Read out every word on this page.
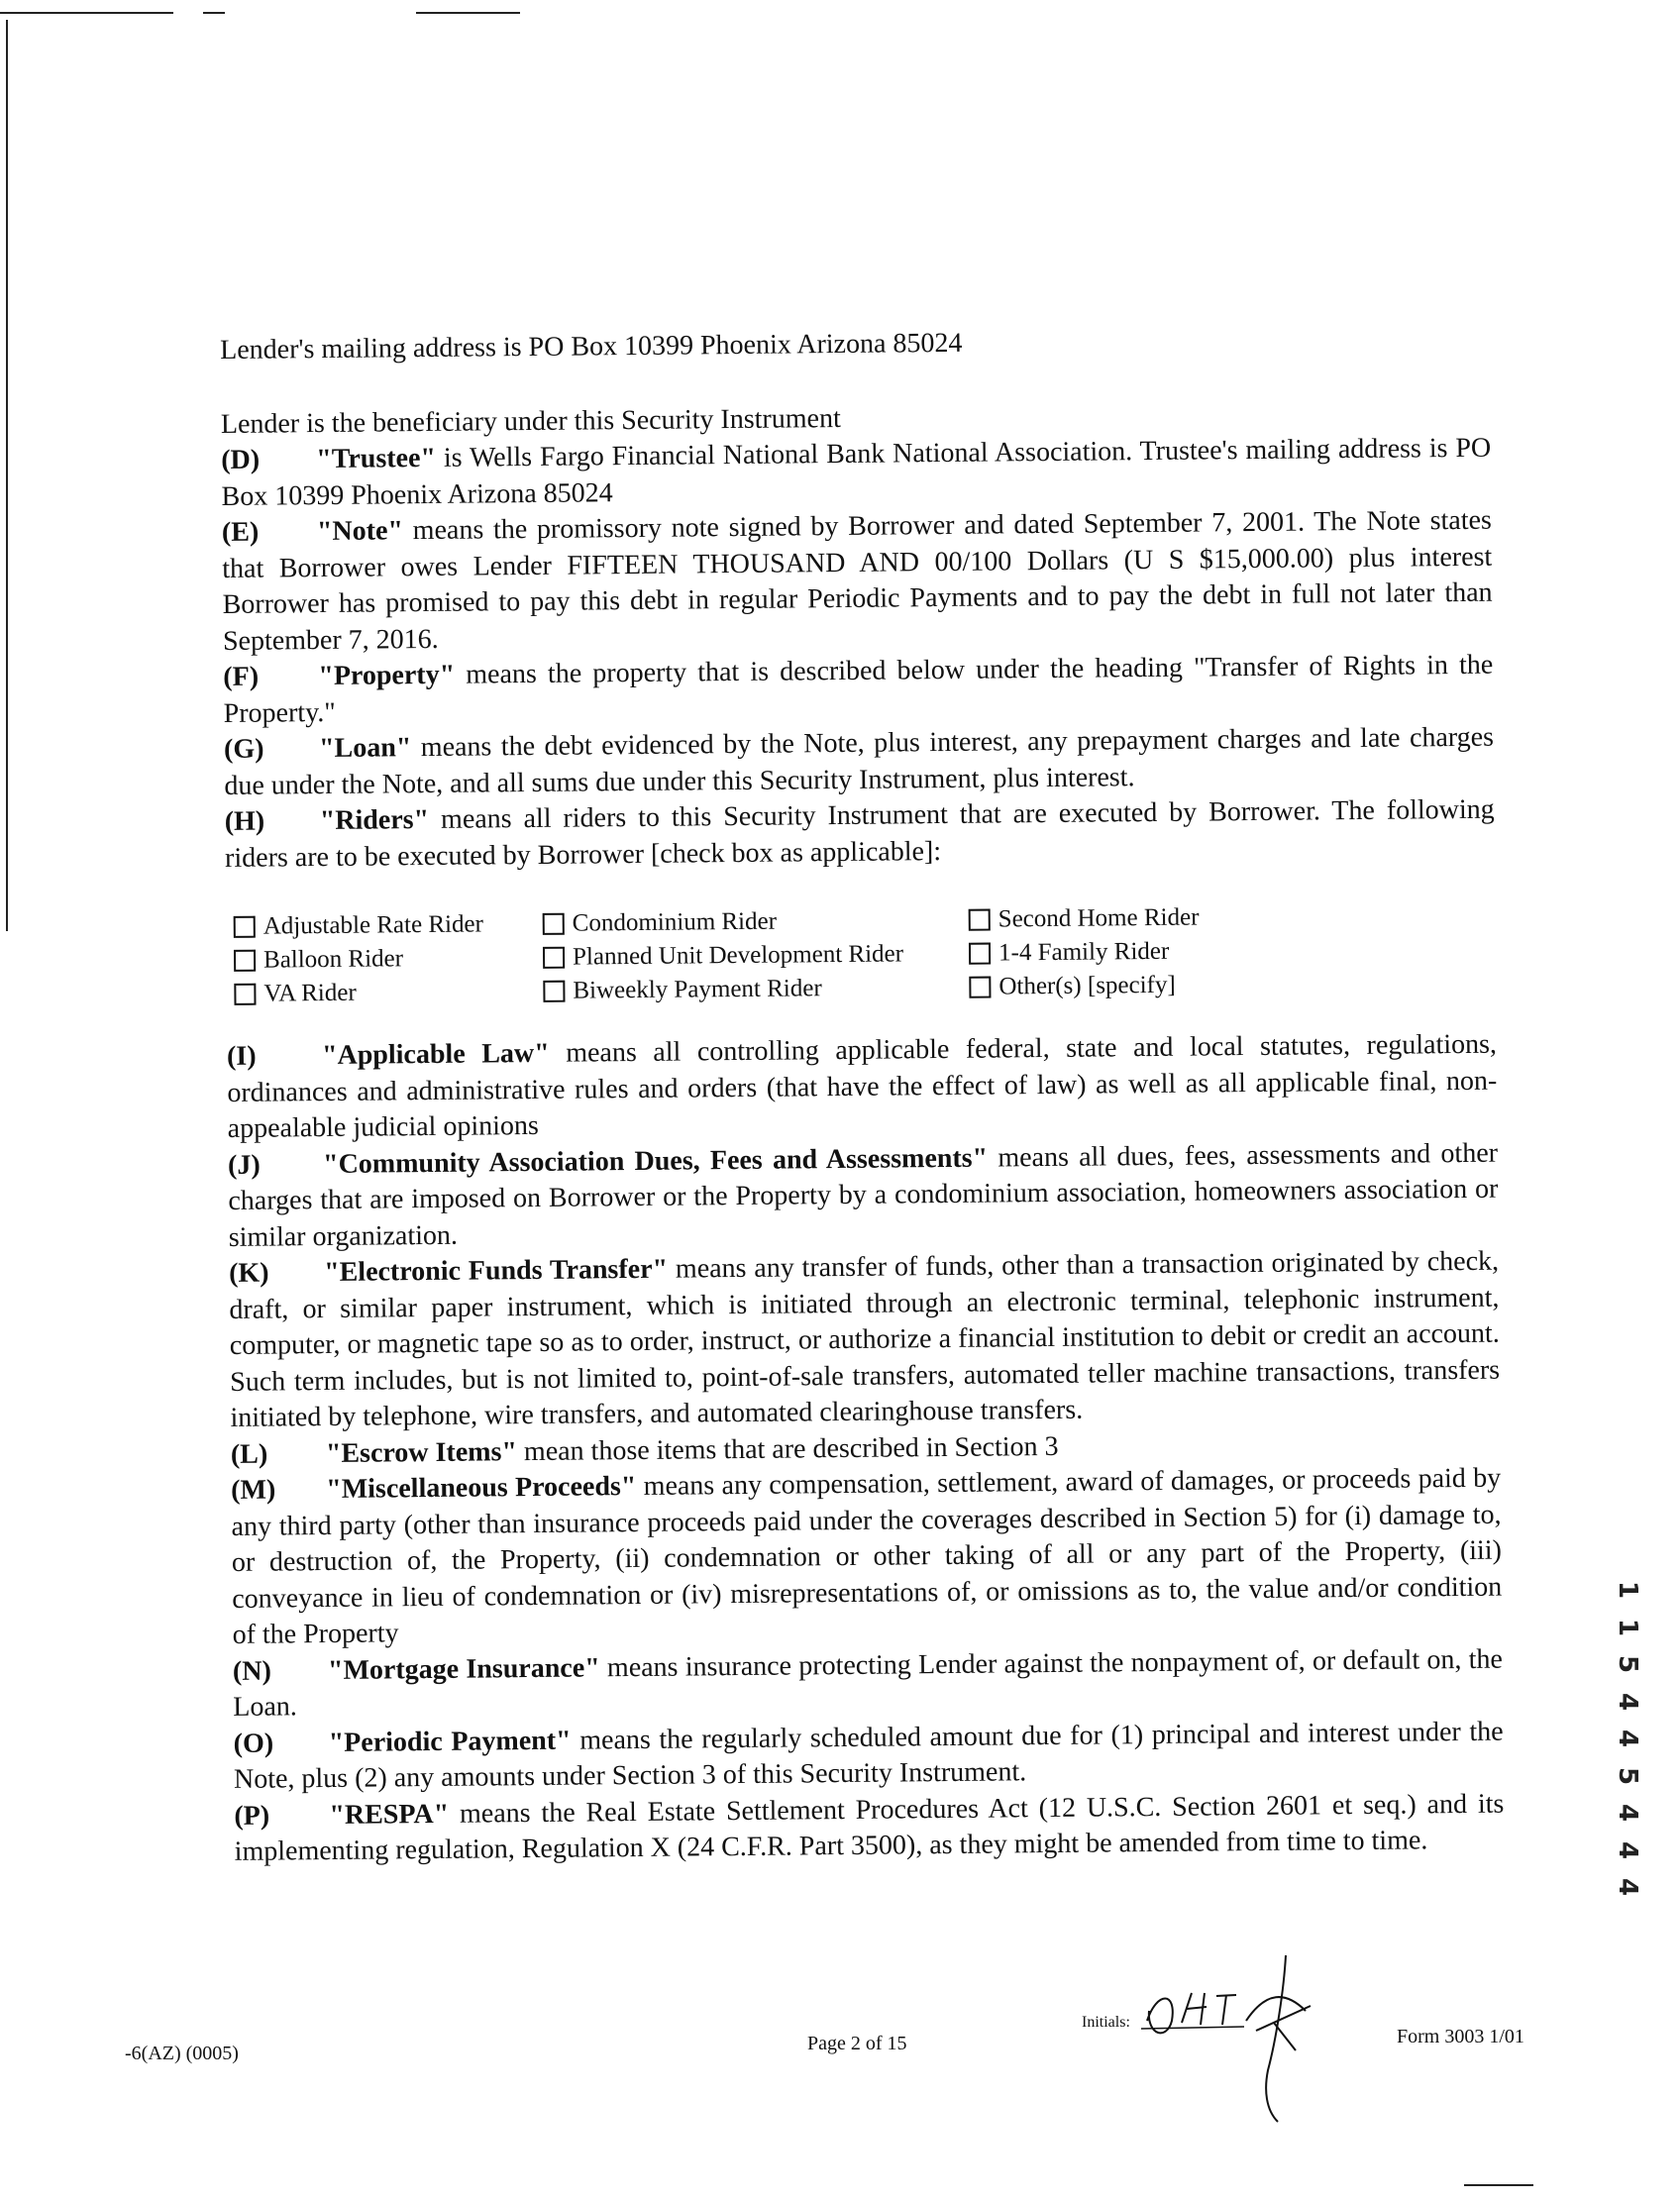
Lender's mailing address is PO Box 10399 Phoenix Arizona 85024

Lender is the beneficiary under this Security Instrument

(D) "Trustee" is Wells Fargo Financial National Bank National Association. Trustee's mailing address is PO Box 10399 Phoenix Arizona 85024

(E) "Note" means the promissory note signed by Borrower and dated September 7, 2001. The Note states that Borrower owes Lender FIFTEEN THOUSAND AND 00/100 Dollars (U S $15,000.00) plus interest Borrower has promised to pay this debt in regular Periodic Payments and to pay the debt in full not later than September 7, 2016.

(F) "Property" means the property that is described below under the heading "Transfer of Rights in the Property."

(G) "Loan" means the debt evidenced by the Note, plus interest, any prepayment charges and late charges due under the Note, and all sums due under this Security Instrument, plus interest.

(H) "Riders" means all riders to this Security Instrument that are executed by Borrower. The following riders are to be executed by Borrower [check box as applicable]:

Adjustable Rate Rider	Condominium Rider	Second Home Rider
Balloon Rider	Planned Unit Development Rider	1-4 Family Rider
VA Rider	Biweekly Payment Rider	Other(s) [specify]

(I) "Applicable Law" means all controlling applicable federal, state and local statutes, regulations, ordinances and administrative rules and orders (that have the effect of law) as well as all applicable final, non-appealable judicial opinions

(J) "Community Association Dues, Fees and Assessments" means all dues, fees, assessments and other charges that are imposed on Borrower or the Property by a condominium association, homeowners association or similar organization.

(K) "Electronic Funds Transfer" means any transfer of funds, other than a transaction originated by check, draft, or similar paper instrument, which is initiated through an electronic terminal, telephonic instrument, computer, or magnetic tape so as to order, instruct, or authorize a financial institution to debit or credit an account. Such term includes, but is not limited to, point-of-sale transfers, automated teller machine transactions, transfers initiated by telephone, wire transfers, and automated clearinghouse transfers.

(L) "Escrow Items" mean those items that are described in Section 3

(M) "Miscellaneous Proceeds" means any compensation, settlement, award of damages, or proceeds paid by any third party (other than insurance proceeds paid under the coverages described in Section 5) for (i) damage to, or destruction of, the Property, (ii) condemnation or other taking of all or any part of the Property, (iii) conveyance in lieu of condemnation or (iv) misrepresentations of, or omissions as to, the value and/or condition of the Property

(N) "Mortgage Insurance" means insurance protecting Lender against the nonpayment of, or default on, the Loan.

(O) "Periodic Payment" means the regularly scheduled amount due for (1) principal and interest under the Note, plus (2) any amounts under Section 3 of this Security Instrument.

(P) "RESPA" means the Real Estate Settlement Procedures Act (12 U.S.C. Section 2601 et seq.) and its implementing regulation, Regulation X (24 C.F.R. Part 3500), as they might be amended from time to time.

-6(AZ) (0005)	Page 2 of 15
Initials:
Form 3003 1/01
1
1
5
4
4
5
4
4
4
